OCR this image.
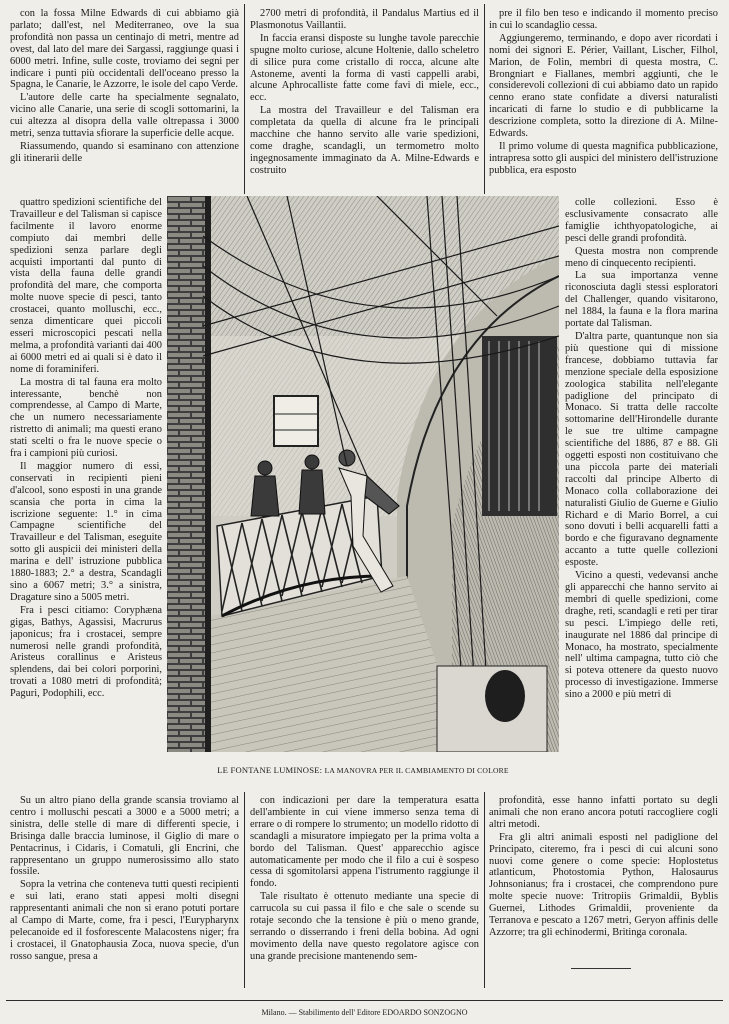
con la fossa Milne Edwards di cui abbiamo già parlato; dall'est, nel Mediterraneo, ove la sua profondità non passa un centinajo di metri, mentre ad ovest, dal lato del mare dei Sargassi, raggiunge quasi i 6000 metri. Infine, sulle coste, troviamo dei segni per indicare i punti più occidentali dell'oceano presso la Spagna, le Canarie, le Azzorre, le isole del capo Verde.

L'autore delle carte ha specialmente segnalato, vicino alle Canarie, una serie di scogli sottomarini, la cui altezza al disopra della valle oltrepassa i 3000 metri, senza tuttavia sfiorare la superficie delle acque.

Riassumendo, quando si esaminano con attenzione gli itinerarii delle

quattro spedizioni scientifiche del Travailleur e del Talisman si capisce facilmente il lavoro enorme compiuto dai membri delle spedizioni senza parlare degli acquisti importanti dal punto di vista della fauna delle grandi profondità del mare, che comporta molte nuove specie di pesci, tanto crostacei, quanto molluschi, ecc., senza dimenticare quei piccoli esseri microscopici pescati nella melma, a profondità varianti dai 400 ai 6000 metri ed ai quali si è dato il nome di foraminiferi.

La mostra di tal fauna era molto interessante, benchè non comprendesse, al Campo di Marte, che un numero necessariamente ristretto di animali; ma questi erano stati scelti o fra le nuove specie o fra i campioni più curiosi.

Il maggior numero di essi, conservati in recipienti pieni d'alcool, sono esposti in una grande scansia che porta in cima la iscrizione seguente: 1.° in cima Campagne scientifiche del Travailleur e del Talisman, eseguite sotto gli auspicii dei ministeri della marina e dell' istruzione pubblica 1880-1883; 2.° a destra, Scandagli sino a 6067 metri; 3.° a sinistra, Dragature sino a 5005 metri.

Fra i pesci citiamo: Coryphæna gigas, Bathys, Agassisi, Macrurus japonicus; fra i crostacei, sempre numerosi nelle grandi profondità, Aristeus corallinus e Aristeus splendens, dai bei colori porporini, trovati a 1080 metri di profondità; Paguri, Podophili, ecc.

Su un altro piano della grande scansia troviamo al centro i molluschi pescati a 3000 e a 5000 metri; a sinistra, delle stelle di mare di differenti specie, i Brisinga dalle braccia luminose, il Giglio di mare o Pentacrinus, i Cidaris, i Comatuli, gli Encrini, che rappresentano un gruppo numerosissimo allo stato fossile.

Sopra la vetrina che conteneva tutti questi recipienti e sui lati, erano stati appesi molti disegni rappresentanti animali che non si erano potuti portare al Campo di Marte, come, fra i pesci, l'Eurypharynx pelecanoide ed il fosforescente Malacostens niger; fra i crostacei, il Gnatophausia Zoca, nuova specie, d'un rosso sangue, presa a

2700 metri di profondità, il Pandalus Martius ed il Plasmonotus Vaillantii.

In faccia eransi disposte su lunghe tavole parecchie spugne molto curiose, alcune Holtenie, dallo scheletro di silice pura come cristallo di rocca, alcune alte Astoneme, aventi la forma di vasti cappelli arabi, alcune Aphrocalliste fatte come favi di miele, ecc., ecc.

La mostra del Travailleur e del Talisman era completata da quella di alcune fra le principali macchine che hanno servito alle varie spedizioni, come draghe, scandagli, un termometro molto ingegnosamente immaginato da A. Milne-Edwards e costruito

con indicazioni per dare la temperatura esatta dell'ambiente in cui viene immerso senza tema di errare o di rompere lo strumento; un modello ridotto di scandagli a misuratore impiegato per la prima volta a bordo del Talisman. Quest' apparecchio agisce automaticamente per modo che il filo a cui è sospeso cessa di sgomitolarsi appena l'istrumento raggiunge il fondo.

Tale risultato è ottenuto mediante una specie di carrucola su cui passa il filo e che sale o scende su rotaje secondo che la tensione è più o meno grande, serrando o disserrando i freni della bobina. Ad ogni movimento della nave questo regolatore agisce con una grande precisione mantenendo sem-

pre il filo ben teso e indicando il momento preciso in cui lo scandaglio cessa.

Aggiungeremo, terminando, e dopo aver ricordati i nomi dei signori E. Périer, Vaillant, Lischer, Filhol, Marion, de Folin, membri di questa mostra, C. Brongniart e Fiallanes, membri aggiunti, che le considerevoli collezioni di cui abbiamo dato un rapido cenno erano state confidate a diversi naturalisti incaricati di farne lo studio e di pubblicarne la descrizione completa, sotto la direzione di A. Milne-Edwards.

Il primo volume di questa magnifica pubblicazione, intrapresa sotto gli auspici del ministero dell'istruzione pubblica, era esposto

colle collezioni. Esso è esclusivamente consacrato alle famiglie ichthyopatologiche, ai pesci delle grandi profondità.

Questa mostra non comprende meno di cinquecento recipienti.

La sua importanza venne riconosciuta dagli stessi esploratori del Challenger, quando visitarono, nel 1884, la fauna e la flora marina portate dal Talisman.

D'altra parte, quantunque non sia più questione qui di missione francese, dobbiamo tuttavia far menzione speciale della esposizione zoologica stabilita nell'elegante padiglione del principato di Monaco. Si tratta delle raccolte sottomarine dell'Hirondelle durante le sue tre ultime campagne scientifiche del 1886, 87 e 88. Gli oggetti esposti non costituivano che una piccola parte dei materiali raccolti dal principe Alberto di Monaco colla collaborazione dei naturalisti Giulio de Guerne e Giulio Richard e di Mario Borrel, a cui sono dovuti i belli acquarelli fatti a bordo e che figuravano degnamente accanto a tutte quelle collezioni esposte.

Vicino a questi, vedevansi anche gli apparecchi che hanno servito ai membri di quelle spedizioni, come draghe, reti, scandagli e reti per tirar su pesci. L'impiego delle reti, inaugurate nel 1886 dal principe di Monaco, ha mostrato, specialmente nell' ultima campagna, tutto ciò che si poteva ottenere da questo nuovo processo di investigazione. Immerse sino a 2000 e più metri di

profondità, esse hanno infatti portato su degli animali che non erano ancora potuti raccogliere cogli altri metodi.

Fra gli altri animali esposti nel padiglione del Principato, citeremo, fra i pesci di cui alcuni sono nuovi come genere o come specie: Hoplostetus atlanticum, Photostomia Python, Halosaurus Johnsonianus; fra i crostacei, che comprendono pure molte specie nuove: Tritropiis Grimaldii, Byblis Guernei, Lithodes Grimaldii, proveniente da Terranova e pescato a 1267 metri, Geryon affinis delle Azzorre; tra gli echinodermi, Britinga coronala.

LE FONTANE LUMINOSE: LA MANOVRA PER IL CAMBIAMENTO DI COLORE
Milano. — Stabilimento dell' Editore EDOARDO SONZOGNO
